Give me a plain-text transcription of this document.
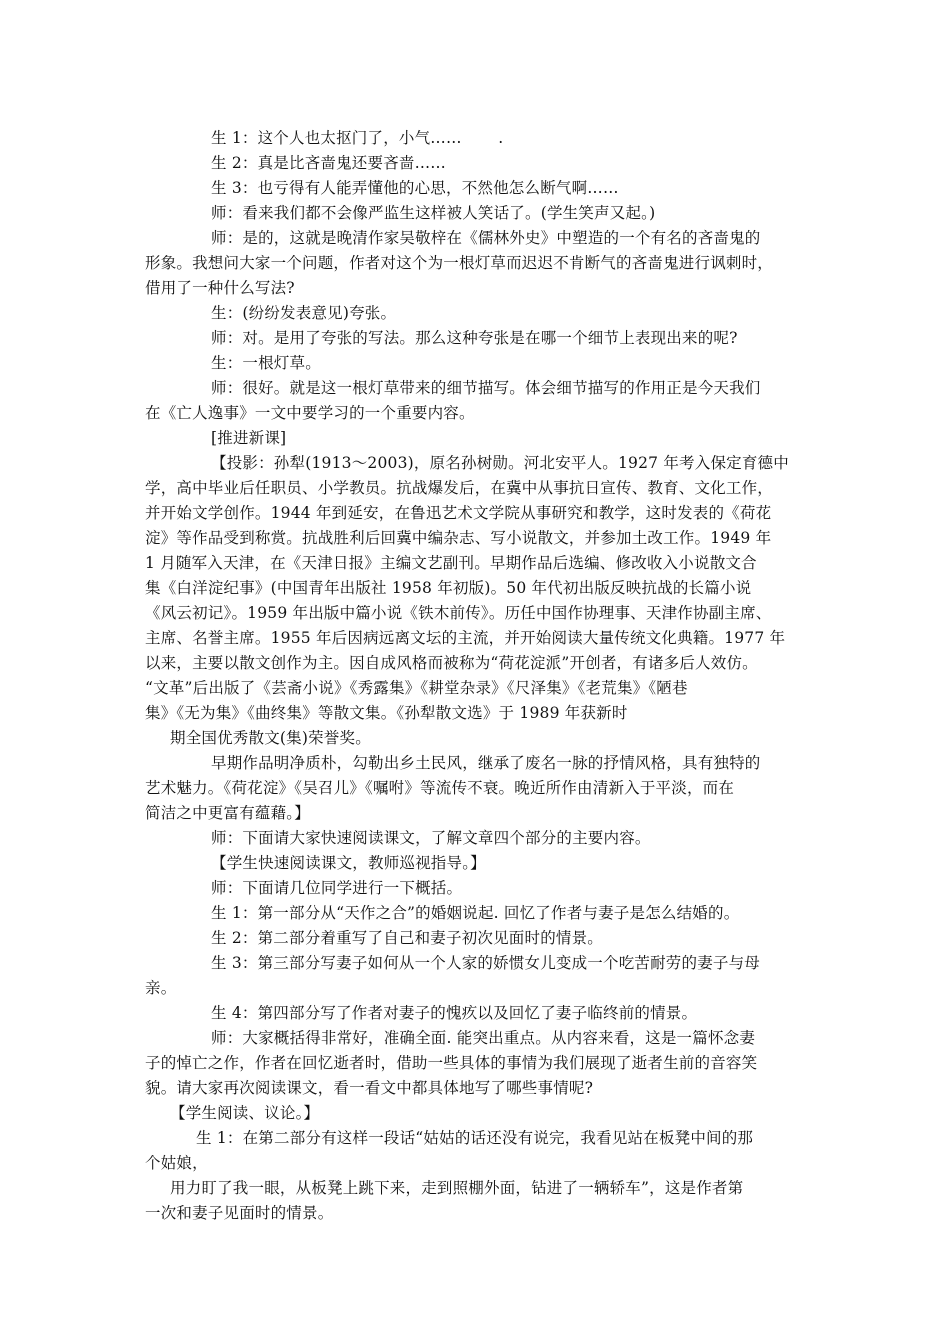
生 1：这个人也太抠门了，小气……　　 .
生 2：真是比吝啬鬼还要吝啬……
生 3：也亏得有人能弄懂他的心思，不然他怎么断气啊……
师：看来我们都不会像严监生这样被人笑话了。(学生笑声又起。)
师：是的，这就是晚清作家吴敬梓在《儒林外史》中塑造的一个有名的吝啬鬼的
形象。我想问大家一个问题，作者对这个为一根灯草而迟迟不肯断气的吝啬鬼进行讽刺时，
借用了一种什么写法?
生：(纷纷发表意见)夸张。
师：对。是用了夸张的写法。那么这种夸张是在哪一个细节上表现出来的呢?
生：一根灯草。
师：很好。就是这一根灯草带来的细节描写。体会细节描写的作用正是今天我们
在《亡人逸事》一文中要学习的一个重要内容。
[推进新课]
【投影：孙犁(1913～2003)，原名孙树勋。河北安平人。1927 年考入保定育德中
学，高中毕业后任职员、小学教员。抗战爆发后，在冀中从事抗日宣传、教育、文化工作，
并开始文学创作。1944 年到延安，在鲁迅艺术文学院从事研究和教学，这时发表的《荷花
淀》等作品受到称赏。抗战胜利后回冀中编杂志、写小说散文，并参加土改工作。1949 年
1 月随军入天津，在《天津日报》主编文艺副刊。早期作品后选编、修改收入小说散文合
集《白洋淀纪事》(中国青年出版社 1958 年初版)。50 年代初出版反映抗战的长篇小说
《风云初记》。1959 年出版中篇小说《铁木前传》。历任中国作协理事、天津作协副主席、
主席、名誉主席。1955 年后因病远离文坛的主流，并开始阅读大量传统文化典籍。1977 年
以来，主要以散文创作为主。因自成风格而被称为“荷花淀派”开创者，有诸多后人效仿。
“文革”后出版了《芸斋小说》《秀露集》《耕堂杂录》《尺泽集》《老荒集》《陋巷
集》《无为集》《曲终集》等散文集。《孙犁散文选》于 1989 年获新时
期全国优秀散文(集)荣誉奖。
早期作品明净质朴，勾勒出乡土民风，继承了废名一脉的抒情风格，具有独特的
艺术魅力。《荷花淀》《吴召儿》《嘱咐》等流传不衰。晚近所作由清新入于平淡，而在
简洁之中更富有蕴藉。】
师：下面请大家快速阅读课文，了解文章四个部分的主要内容。
【学生快速阅读课文，教师巡视指导。】
师：下面请几位同学进行一下概括。
生 1：第一部分从“天作之合”的婚姻说起. 回忆了作者与妻子是怎么结婚的。
生 2：第二部分着重写了自己和妻子初次见面时的情景。
生 3：第三部分写妻子如何从一个人家的娇惯女儿变成一个吃苦耐劳的妻子与母
亲。
生 4：第四部分写了作者对妻子的愧疚以及回忆了妻子临终前的情景。
师：大家概括得非常好，准确全面. 能突出重点。从内容来看，这是一篇怀念妻
子的悼亡之作，作者在回忆逝者时，借助一些具体的事情为我们展现了逝者生前的音容笑
貌。请大家再次阅读课文，看一看文中都具体地写了哪些事情呢?
【学生阅读、议论。】
生 1：在第二部分有这样一段话“姑姑的话还没有说完，我看见站在板凳中间的那
个姑娘，
用力盯了我一眼，从板凳上跳下来，走到照棚外面，钻进了一辆轿车”，这是作者第
一次和妻子见面时的情景。
